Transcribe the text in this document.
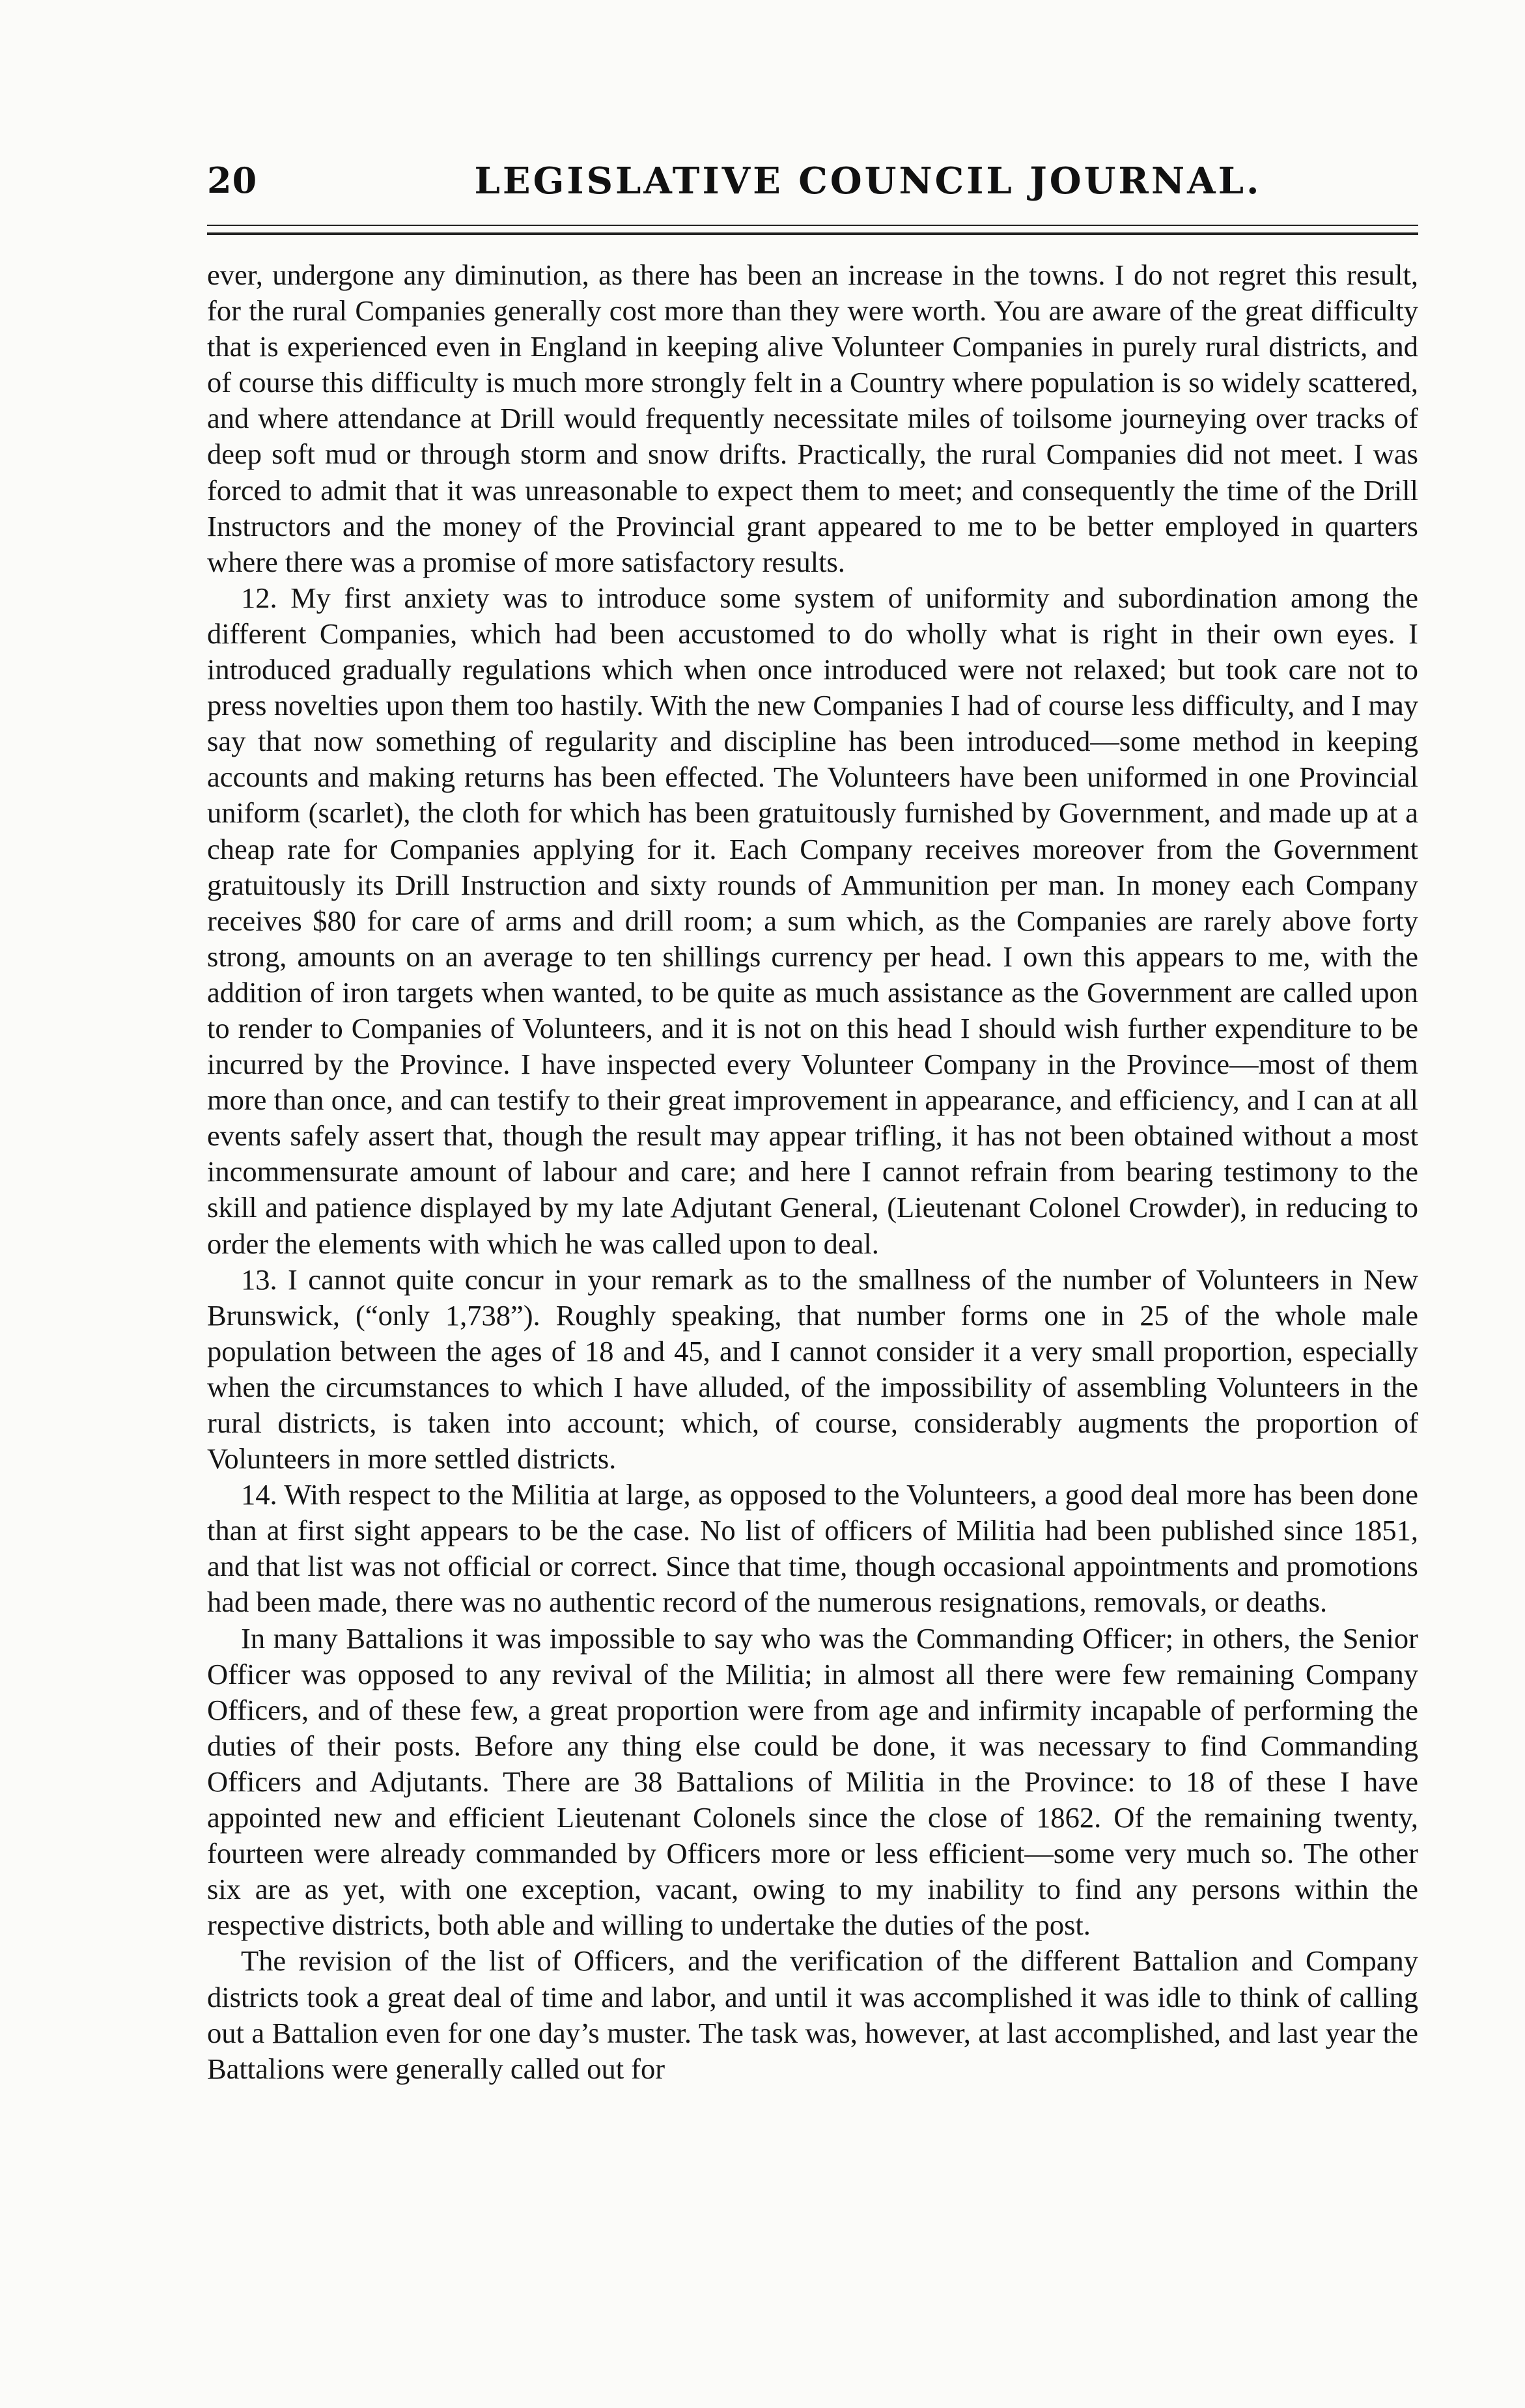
20	LEGISLATIVE COUNCIL JOURNAL.

ever, undergone any diminution, as there has been an increase in the towns. I do not regret this result, for the rural Companies generally cost more than they were worth. You are aware of the great difficulty that is experienced even in England in keeping alive Volunteer Companies in purely rural districts, and of course this difficulty is much more strongly felt in a Country where population is so widely scattered, and where attendance at Drill would frequently necessitate miles of toilsome journeying over tracks of deep soft mud or through storm and snow drifts. Practically, the rural Companies did not meet. I was forced to admit that it was unreasonable to expect them to meet; and consequently the time of the Drill Instructors and the money of the Provincial grant appeared to me to be better employed in quarters where there was a promise of more satisfactory results.

12. My first anxiety was to introduce some system of uniformity and subordination among the different Companies, which had been accustomed to do wholly what is right in their own eyes. I introduced gradually regulations which when once introduced were not relaxed; but took care not to press novelties upon them too hastily. With the new Companies I had of course less difficulty, and I may say that now something of regularity and discipline has been introduced—some method in keeping accounts and making returns has been effected. The Volunteers have been uniformed in one Provincial uniform (scarlet), the cloth for which has been gratuitously furnished by Government, and made up at a cheap rate for Companies applying for it. Each Company receives moreover from the Government gratuitously its Drill Instruction and sixty rounds of Ammunition per man. In money each Company receives $80 for care of arms and drill room; a sum which, as the Companies are rarely above forty strong, amounts on an average to ten shillings currency per head. I own this appears to me, with the addition of iron targets when wanted, to be quite as much assistance as the Government are called upon to render to Companies of Volunteers, and it is not on this head I should wish further expenditure to be incurred by the Province. I have inspected every Volunteer Company in the Province—most of them more than once, and can testify to their great improvement in appearance, and efficiency, and I can at all events safely assert that, though the result may appear trifling, it has not been obtained without a most incommensurate amount of labour and care; and here I cannot refrain from bearing testimony to the skill and patience displayed by my late Adjutant General, (Lieutenant Colonel Crowder), in reducing to order the elements with which he was called upon to deal.

13. I cannot quite concur in your remark as to the smallness of the number of Volunteers in New Brunswick, (“only 1,738”). Roughly speaking, that number forms one in 25 of the whole male population between the ages of 18 and 45, and I cannot consider it a very small proportion, especially when the circumstances to which I have alluded, of the impossibility of assembling Volunteers in the rural districts, is taken into account; which, of course, considerably augments the proportion of Volunteers in more settled districts.

14. With respect to the Militia at large, as opposed to the Volunteers, a good deal more has been done than at first sight appears to be the case. No list of officers of Militia had been published since 1851, and that list was not official or correct. Since that time, though occasional appointments and promotions had been made, there was no authentic record of the numerous resignations, removals, or deaths.

In many Battalions it was impossible to say who was the Commanding Officer; in others, the Senior Officer was opposed to any revival of the Militia; in almost all there were few remaining Company Officers, and of these few, a great proportion were from age and infirmity incapable of performing the duties of their posts. Before any thing else could be done, it was necessary to find Commanding Officers and Adjutants. There are 38 Battalions of Militia in the Province: to 18 of these I have appointed new and efficient Lieutenant Colonels since the close of 1862. Of the remaining twenty, fourteen were already commanded by Officers more or less efficient—some very much so. The other six are as yet, with one exception, vacant, owing to my inability to find any persons within the respective districts, both able and willing to undertake the duties of the post.

The revision of the list of Officers, and the verification of the different Battalion and Company districts took a great deal of time and labor, and until it was accomplished it was idle to think of calling out a Battalion even for one day’s muster. The task was, however, at last accomplished, and last year the Battalions were generally called out for
